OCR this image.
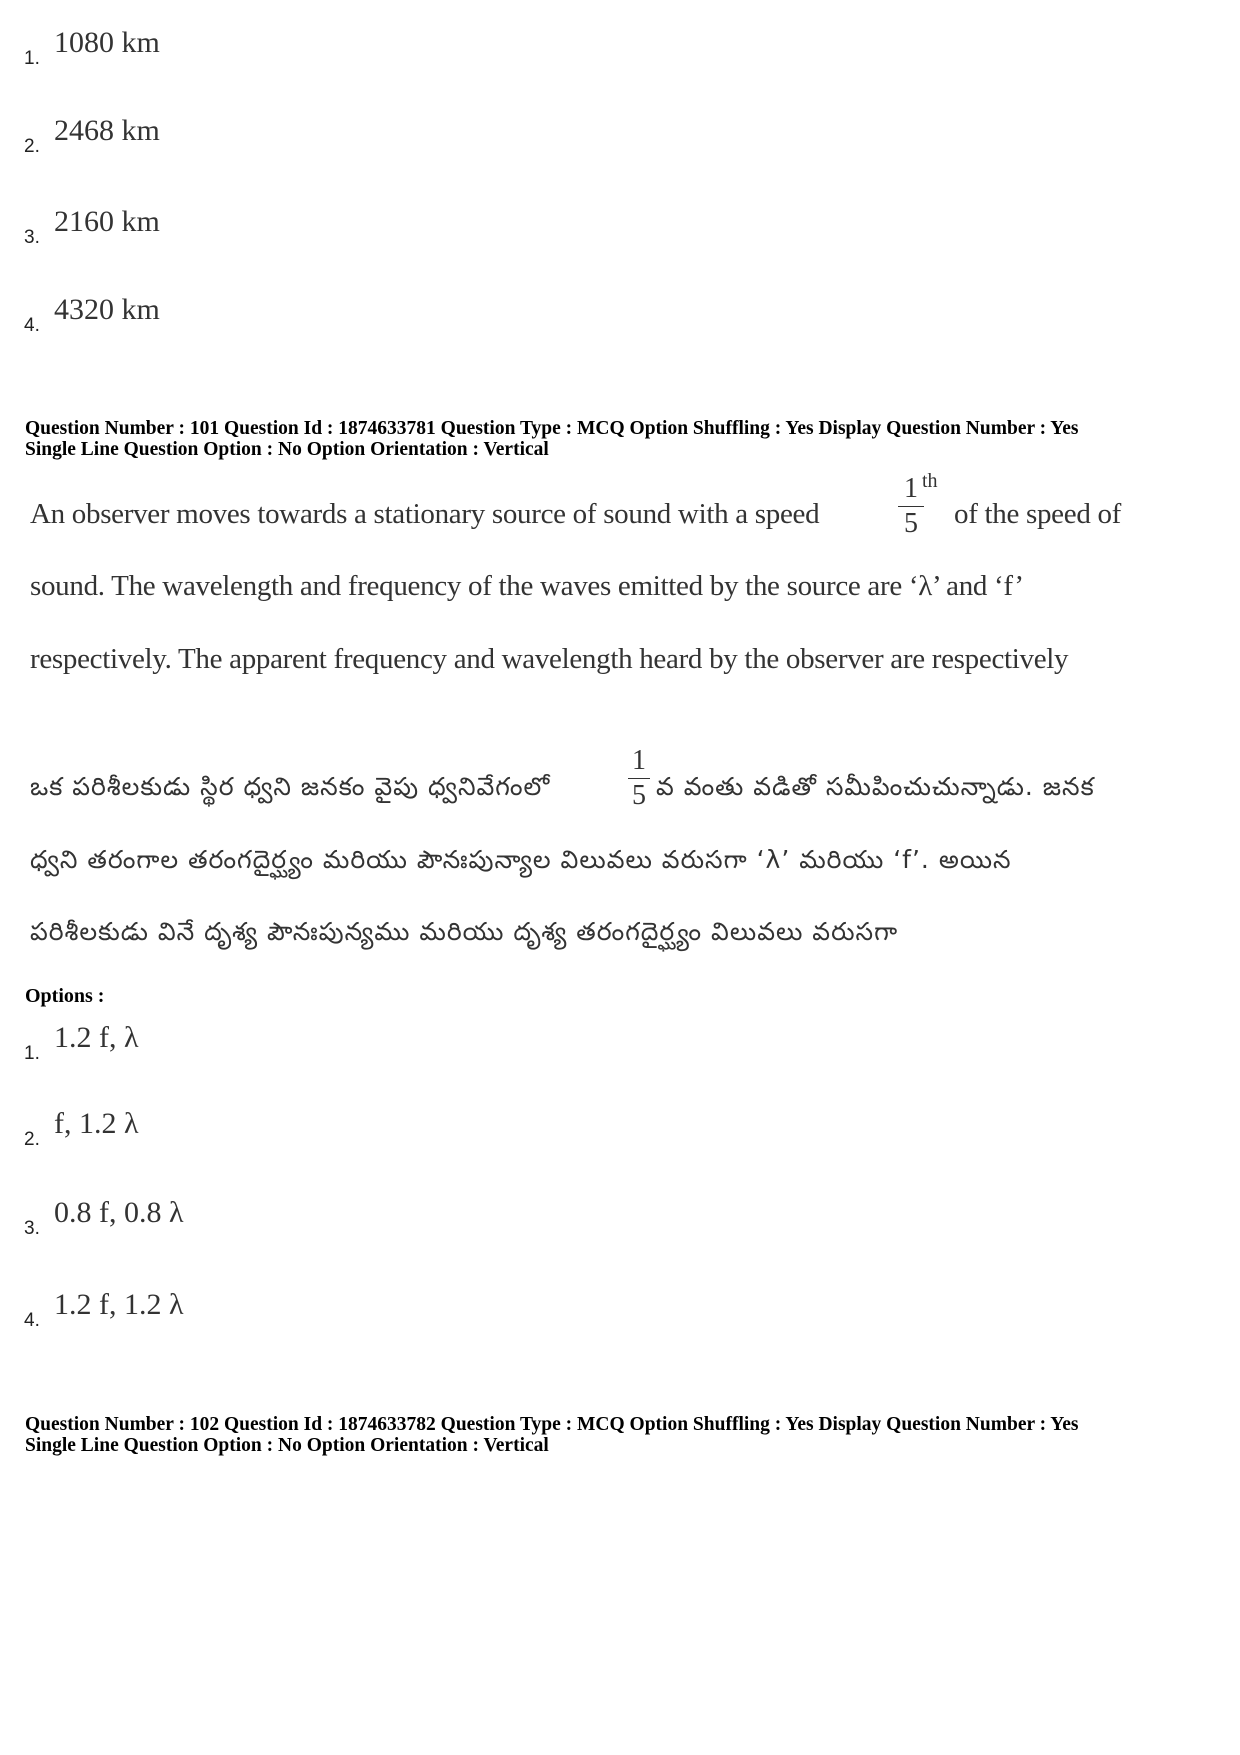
1. 1080 km
2. 2468 km
3. 2160 km
4. 4320 km
Question Number : 101 Question Id : 1874633781 Question Type : MCQ Option Shuffling : Yes Display Question Number : Yes
Single Line Question Option : No Option Orientation : Vertical
An observer moves towards a stationary source of sound with a speed
1
5
th
of the speed of
sound. The wavelength and frequency of the waves emitted by the source are ‘λ’ and ‘f’
respectively. The apparent frequency and wavelength heard by the observer are respectively
ఒక పరిశీలకుడు స్థిర ధ్వని జనకం వైపు ధ్వనివేగంలో
1
5 వ వంతు వడితో సమీపించుచున్నాడు. జనక
ధ్వని తరంగాల తరంగదైర్ఘ్యం మరియు పౌనఃపున్యాల విలువలు వరుసగా ‘λ’ మరియు ‘f’. అయిన
పరిశీలకుడు వినే దృశ్య పౌనఃపున్యము మరియు దృశ్య తరంగదైర్ఘ్యం విలువలు వరుసగా
Options :
1. 1.2 f, λ
2. f, 1.2 λ
3. 0.8 f, 0.8 λ
4. 1.2 f, 1.2 λ
Question Number : 102 Question Id : 1874633782 Question Type : MCQ Option Shuffling : Yes Display Question Number : Yes
Single Line Question Option : No Option Orientation : Vertical
